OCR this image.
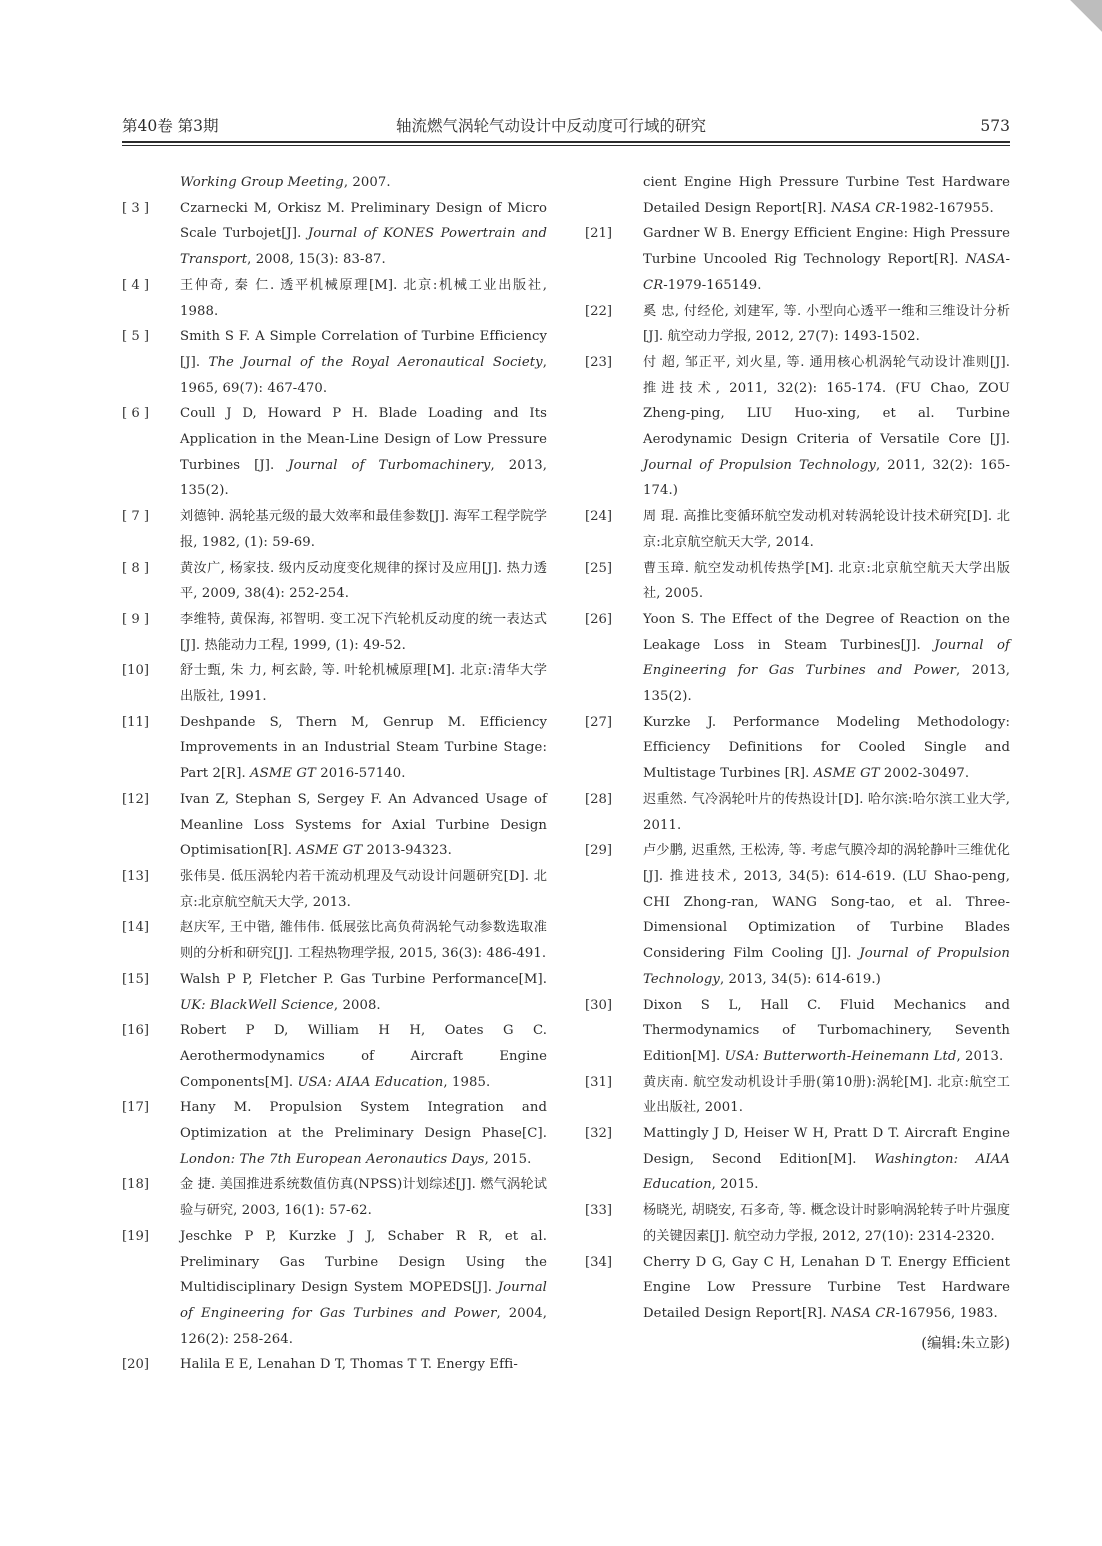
第40卷 第3期	轴流燃气涡轮气动设计中反动度可行域的研究	573
Working Group Meeting, 2007.
[ 3 ]	Czarnecki M, Orkisz M. Preliminary Design of Micro Scale Turbojet[J]. Journal of KONES Powertrain and Transport, 2008, 15(3): 83-87.
[ 4 ]	王仲奇, 秦 仁. 透平机械原理[M]. 北京:机械工业出版社, 1988.
[ 5 ]	Smith S F. A Simple Correlation of Turbine Efficiency [J]. The Journal of the Royal Aeronautical Society, 1965, 69(7): 467-470.
[ 6 ]	Coull J D, Howard P H. Blade Loading and Its Application in the Mean-Line Design of Low Pressure Turbines [J]. Journal of Turbomachinery, 2013, 135(2).
[ 7 ]	刘德钟. 涡轮基元级的最大效率和最佳参数[J]. 海军工程学院学报, 1982, (1): 59-69.
[ 8 ]	黄汝广, 杨家技. 级内反动度变化规律的探讨及应用[J]. 热力透平, 2009, 38(4): 252-254.
[ 9 ]	李维特, 黄保海, 祁智明. 变工况下汽轮机反动度的统一表达式[J]. 热能动力工程, 1999, (1): 49-52.
[10]	舒士甄, 朱 力, 柯玄龄, 等. 叶轮机械原理[M]. 北京:清华大学出版社, 1991.
[11]	Deshpande S, Thern M, Genrup M. Efficiency Improvements in an Industrial Steam Turbine Stage: Part 2[R]. ASME GT 2016-57140.
[12]	Ivan Z, Stephan S, Sergey F. An Advanced Usage of Meanline Loss Systems for Axial Turbine Design Optimisation[R]. ASME GT 2013-94323.
[13]	张伟昊. 低压涡轮内若干流动机理及气动设计问题研究[D]. 北京:北京航空航天大学, 2013.
[14]	赵庆军, 王中锴, 雒伟伟. 低展弦比高负荷涡轮气动参数选取准则的分析和研究[J]. 工程热物理学报, 2015, 36(3): 486-491.
[15]	Walsh P P, Fletcher P. Gas Turbine Performance[M]. UK: BlackWell Science, 2008.
[16]	Robert P D, William H H, Oates G C. Aerothermodynamics of Aircraft Engine Components[M]. USA: AIAA Education, 1985.
[17]	Hany M. Propulsion System Integration and Optimization at the Preliminary Design Phase[C]. London: The 7th European Aeronautics Days, 2015.
[18]	金 捷. 美国推进系统数值仿真(NPSS)计划综述[J]. 燃气涡轮试验与研究, 2003, 16(1): 57-62.
[19]	Jeschke P P, Kurzke J J, Schaber R R, et al. Preliminary Gas Turbine Design Using the Multidisciplinary Design System MOPEDS[J]. Journal of Engineering for Gas Turbines and Power, 2004, 126(2): 258-264.
[20]	Halila E E, Lenahan D T, Thomas T T. Energy Effi-
cient Engine High Pressure Turbine Test Hardware Detailed Design Report[R]. NASA CR-1982-167955.
[21]	Gardner W B. Energy Efficient Engine: High Pressure Turbine Uncooled Rig Technology Report[R]. NASA-CR-1979-165149.
[22]	奚 忠, 付经伦, 刘建军, 等. 小型向心透平一维和三维设计分析[J]. 航空动力学报, 2012, 27(7): 1493-1502.
[23]	付 超, 邹正平, 刘火星, 等. 通用核心机涡轮气动设计准则[J]. 推进技术, 2011, 32(2): 165-174. (FU Chao, ZOU Zheng-ping, LIU Huo-xing, et al. Turbine Aerodynamic Design Criteria of Versatile Core [J]. Journal of Propulsion Technology, 2011, 32(2): 165-174.)
[24]	周 琨. 高推比变循环航空发动机对转涡轮设计技术研究[D]. 北京:北京航空航天大学, 2014.
[25]	曹玉璋. 航空发动机传热学[M]. 北京:北京航空航天大学出版社, 2005.
[26]	Yoon S. The Effect of the Degree of Reaction on the Leakage Loss in Steam Turbines[J]. Journal of Engineering for Gas Turbines and Power, 2013, 135(2).
[27]	Kurzke J. Performance Modeling Methodology: Efficiency Definitions for Cooled Single and Multistage Turbines [R]. ASME GT 2002-30497.
[28]	迟重然. 气冷涡轮叶片的传热设计[D]. 哈尔滨:哈尔滨工业大学, 2011.
[29]	卢少鹏, 迟重然, 王松涛, 等. 考虑气膜冷却的涡轮静叶三维优化[J]. 推进技术, 2013, 34(5): 614-619. (LU Shao-peng, CHI Zhong-ran, WANG Song-tao, et al. Three-Dimensional Optimization of Turbine Blades Considering Film Cooling [J]. Journal of Propulsion Technology, 2013, 34(5): 614-619.)
[30]	Dixon S L, Hall C. Fluid Mechanics and Thermodynamics of Turbomachinery, Seventh Edition[M]. USA: Butterworth-Heinemann Ltd, 2013.
[31]	黄庆南. 航空发动机设计手册(第10册):涡轮[M]. 北京:航空工业出版社, 2001.
[32]	Mattingly J D, Heiser W H, Pratt D T. Aircraft Engine Design, Second Edition[M]. Washington: AIAA Education, 2015.
[33]	杨晓光, 胡晓安, 石多奇, 等. 概念设计时影响涡轮转子叶片强度的关键因素[J]. 航空动力学报, 2012, 27(10): 2314-2320.
[34]	Cherry D G, Gay C H, Lenahan D T. Energy Efficient Engine Low Pressure Turbine Test Hardware Detailed Design Report[R]. NASA CR-167956, 1983.
(编辑:朱立影)
